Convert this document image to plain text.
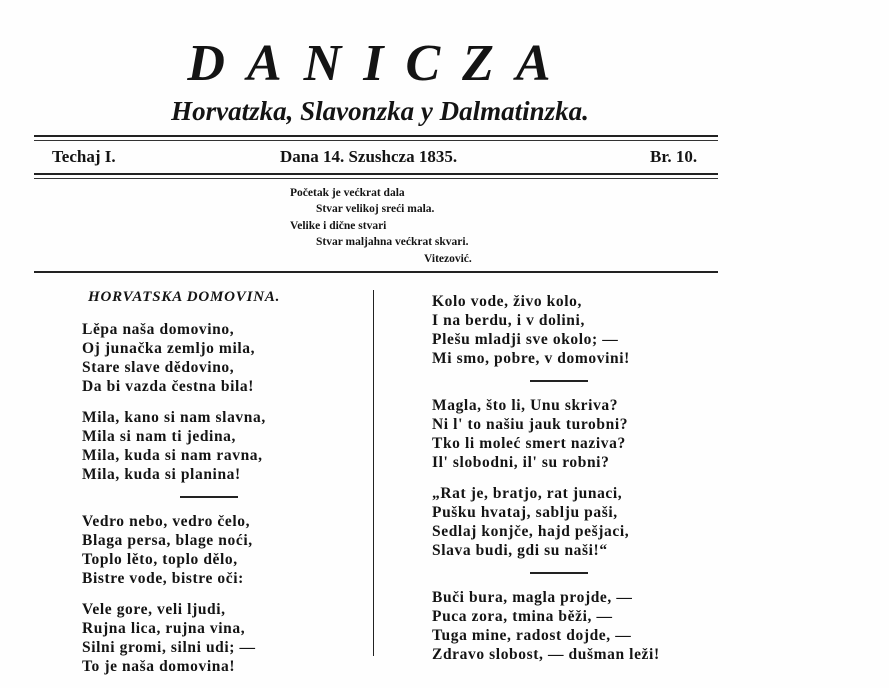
DANICZA
Horvatzka, Slavonzka y Dalmatinzka.
Techaj I.	Dana 14. Szushcza 1835.	Br. 10.
Početak je većkrat dala
Stvar velikoj sreći mala.
Velike i dične stvari
Stvar maljahna većkrat skvari.
Vitezović.
HORVATSKA DOMOVINA.
Lěpa naša domovino,
Oj junačka zemljo mila,
Stare slave dědovino,
Da bi vazda čestna bila!
Mila, kano si nam slavna,
Mila si nam ti jedina,
Mila, kuda si nam ravna,
Mila, kuda si planina!
Vedro nebo, vedro čelo,
Blaga persa, blage noći,
Toplo lěto, toplo dělo,
Bistre vode, bistre oči:
Vele gore, veli ljudi,
Rujna lica, rujna vina,
Silni gromi, silni udi; —
To je naša domovina!
Kolo vode, živo kolo,
I na berdu, i v dolini,
Plešu mladji sve okolo; —
Mi smo, pobre, v domovini!
Magla, što li, Unu skriva?
Ni l' to našiu jauk turobni?
Tko li moleć smert naziva?
Il' slobodni, il' su robni?
„Rat je, bratjo, rat junaci,
Pušku hvataj, sablju paši,
Sedlaj konjče, hajd pešjaci,
Slava budi, gdi su naši!“
Buči bura, magla projde, —
Puca zora, tmina běži, —
Tuga mine, radost dojde, —
Zdravo slobost, — dušman leži!
